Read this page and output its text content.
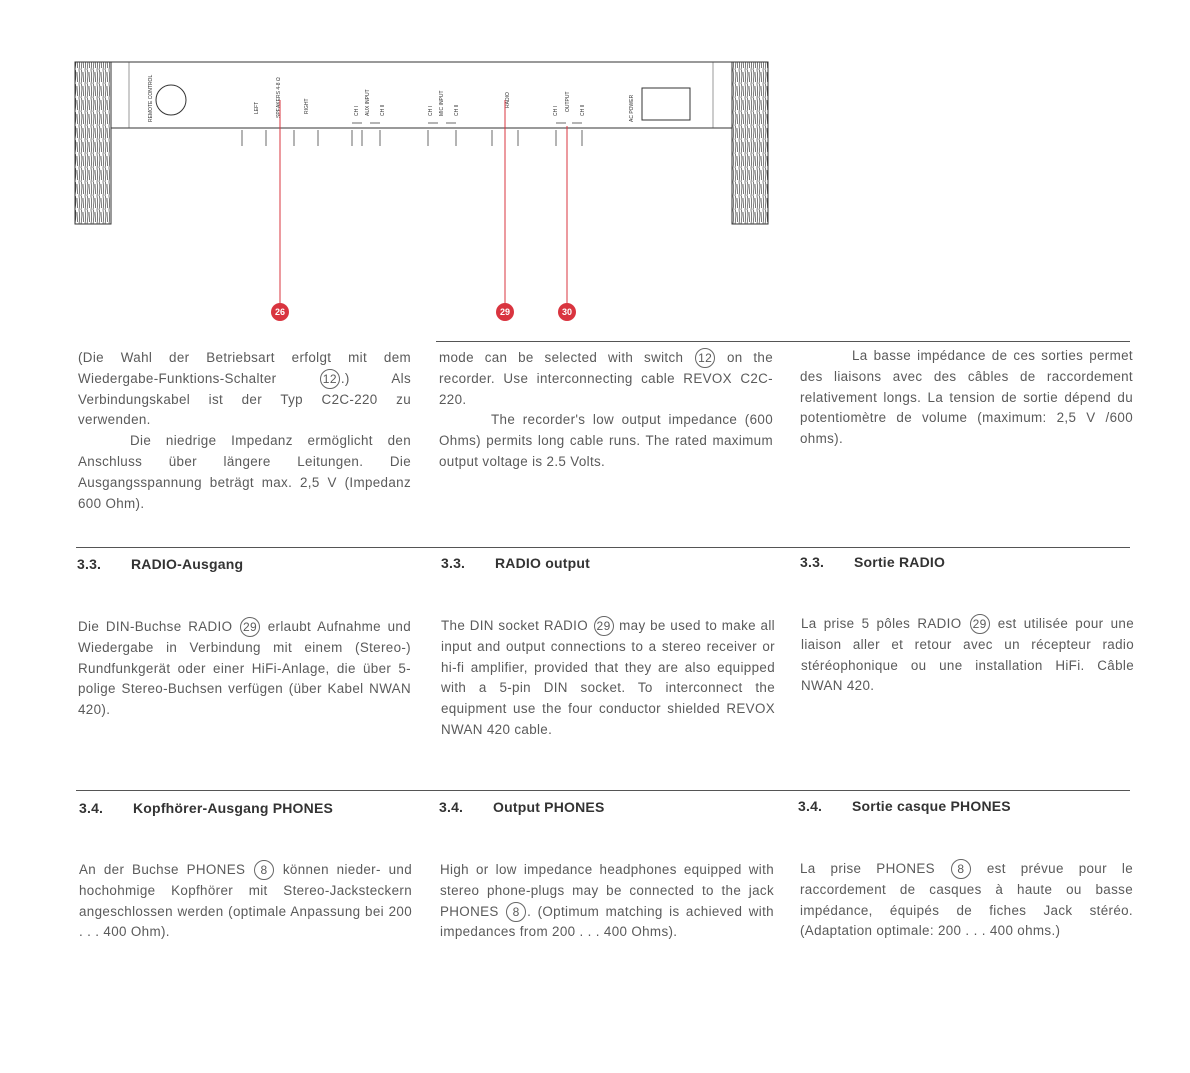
REMOTE CONTROL	LEFT	SPEAKERS 4-8 Ω	RIGHT	CH I AUX INPUT CH II	CH I MIC INPUT CH II
RADIO
CH I OUTPUT CH II	AC POWER
26	29	30

(Die Wahl der Betriebsart erfolgt mit dem Wiedergabe-Funktions-Schalter 12 .) Als Verbindungskabel ist der Typ C2C-220 zu verwenden.

Die niedrige Impedanz ermöglicht den Anschluss über längere Leitungen. Die Ausgangsspannung beträgt max. 2,5 V (Impedanz 600 Ohm).

mode can be selected with switch 12 on the recorder. Use interconnecting cable REVOX C2C-220.

The recorder's low output impedance (600 Ohms) permits long cable runs. The rated maximum output voltage is 2.5 Volts.

La basse impédance de ces sorties permet des liaisons avec des câbles de raccordement relativement longs. La tension de sortie dépend du potentiomètre de volume (maximum: 2,5 V /600 ohms).

3.3. RADIO-Ausgang	3.3. RADIO output	3.3. Sortie RADIO

Die DIN-Buchse RADIO 29 erlaubt Aufnahme und Wiedergabe in Verbindung mit einem (Stereo-) Rundfunkgerät oder einer HiFi-Anlage, die über 5-polige Stereo-Buchsen verfügen (über Kabel NWAN 420).

The DIN socket RADIO 29 may be used to make all input and output connections to a stereo receiver or hi-fi amplifier, provided that they are also equipped with a 5-pin DIN socket. To interconnect the equipment use the four conductor shielded REVOX NWAN 420 cable.

La prise 5 pôles RADIO 29 est utilisée pour une liaison aller et retour avec un récepteur radio stéréophonique ou une installation HiFi. Câble NWAN 420.

3.4. Kopfhörer-Ausgang PHONES	3.4. Output PHONES	3.4. Sortie casque PHONES

An der Buchse PHONES 8 können nieder- und hochohmige Kopfhörer mit Stereo-Jacksteckern angeschlossen werden (optimale Anpassung bei 200 . . . 400 Ohm).

High or low impedance headphones equipped with stereo phone-plugs may be connected to the jack PHONES 8 . (Optimum matching is achieved with impedances from 200 . . . 400 Ohms).

La prise PHONES 8 est prévue pour le raccordement de casques à haute ou basse impédance, équipés de fiches Jack stéréo. (Adaptation optimale: 200 . . . 400 ohms.)
